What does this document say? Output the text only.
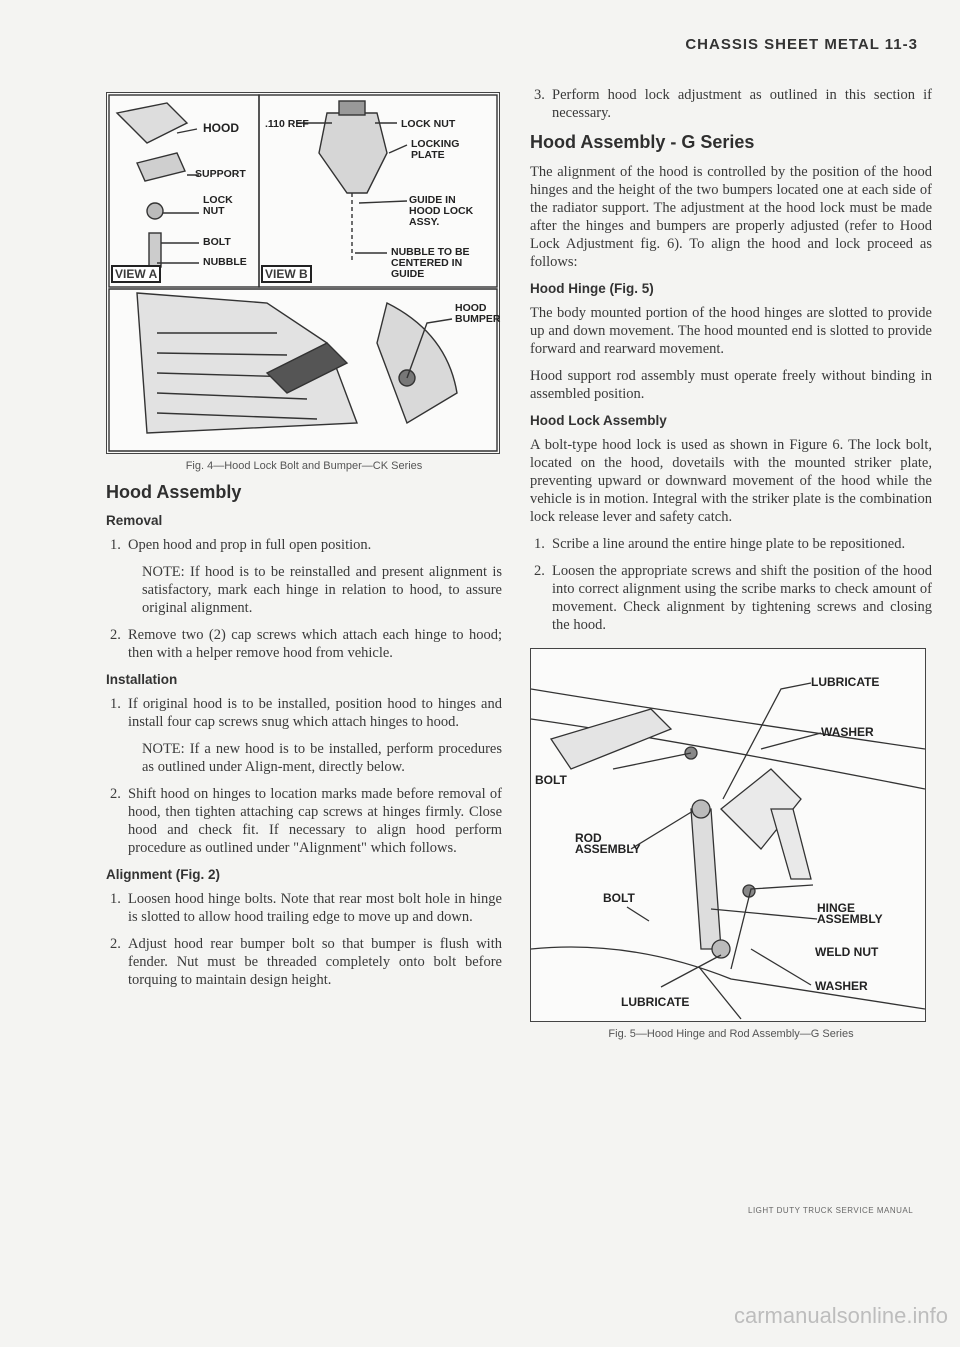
CHASSIS SHEET METAL 11-3
HOOD
SUPPORT
LOCK NUT
BOLT
NUBBLE
.110 REF	LOCK NUT
LOCKING PLATE
GUIDE IN HOOD LOCK ASSY.
NUBBLE TO BE CENTERED IN GUIDE
HOOD BUMPER
VIEW A	VIEW B
Fig. 4—Hood Lock Bolt and Bumper—CK Series
Hood Assembly
Removal

1. Open hood and prop in full open position.

NOTE: If hood is to be reinstalled and present alignment is satisfactory, mark each hinge in relation to hood, to assure original alignment.

2. Remove two (2) cap screws which attach each hinge to hood; then with a helper remove hood from vehicle.

Installation

1. If original hood is to be installed, position hood to hinges and install four cap screws snug which attach hinges to hood.

NOTE: If a new hood is to be installed, perform procedures as outlined under Align-ment, directly below.

2. Shift hood on hinges to location marks made before removal of hood, then tighten attaching cap screws at hinges firmly. Close hood and check fit. If necessary to align hood perform procedure as outlined under "Alignment" which follows.

Alignment (Fig. 2)

1. Loosen hood hinge bolts. Note that rear most bolt hole in hinge is slotted to allow hood trailing edge to move up and down.

2. Adjust hood rear bumper bolt so that bumper is flush with fender. Nut must be threaded completely onto bolt before torquing to maintain design height.

3. Perform hood lock adjustment as outlined in this section if necessary.

Hood Assembly - G Series

The alignment of the hood is controlled by the position of the hood hinges and the height of the two bumpers located one at each side of the radiator support. The adjustment at the hood lock must be made after the hinges and bumpers are properly adjusted (refer to Hood Lock Adjustment fig. 6). To align the hood and lock proceed as follows:

Hood Hinge (Fig. 5)

The body mounted portion of the hood hinges are slotted to provide up and down movement. The hood mounted end is slotted to provide forward and rearward movement.

Hood support rod assembly must operate freely without binding in assembled position.

Hood Lock Assembly

A bolt-type hood lock is used as shown in Figure 6. The lock bolt, located on the hood, dovetails with the mounted striker plate, preventing upward or downward movement of the hood while the vehicle is in motion. Integral with the striker plate is the combination lock release lever and safety catch.

1. Scribe a line around the entire hinge plate to be repositioned.

2. Loosen the appropriate screws and shift the position of the hood into correct alignment using the scribe marks to check amount of movement. Check alignment by tightening screws and closing the hood.

LUBRICATE
WASHER
BOLT
ROD ASSEMBLY
BOLT
HINGE ASSEMBLY
WELD NUT
WASHER
LUBRICATE
Fig. 5—Hood Hinge and Rod Assembly—G Series
LIGHT DUTY TRUCK SERVICE MANUAL
carmanualsonline.info
